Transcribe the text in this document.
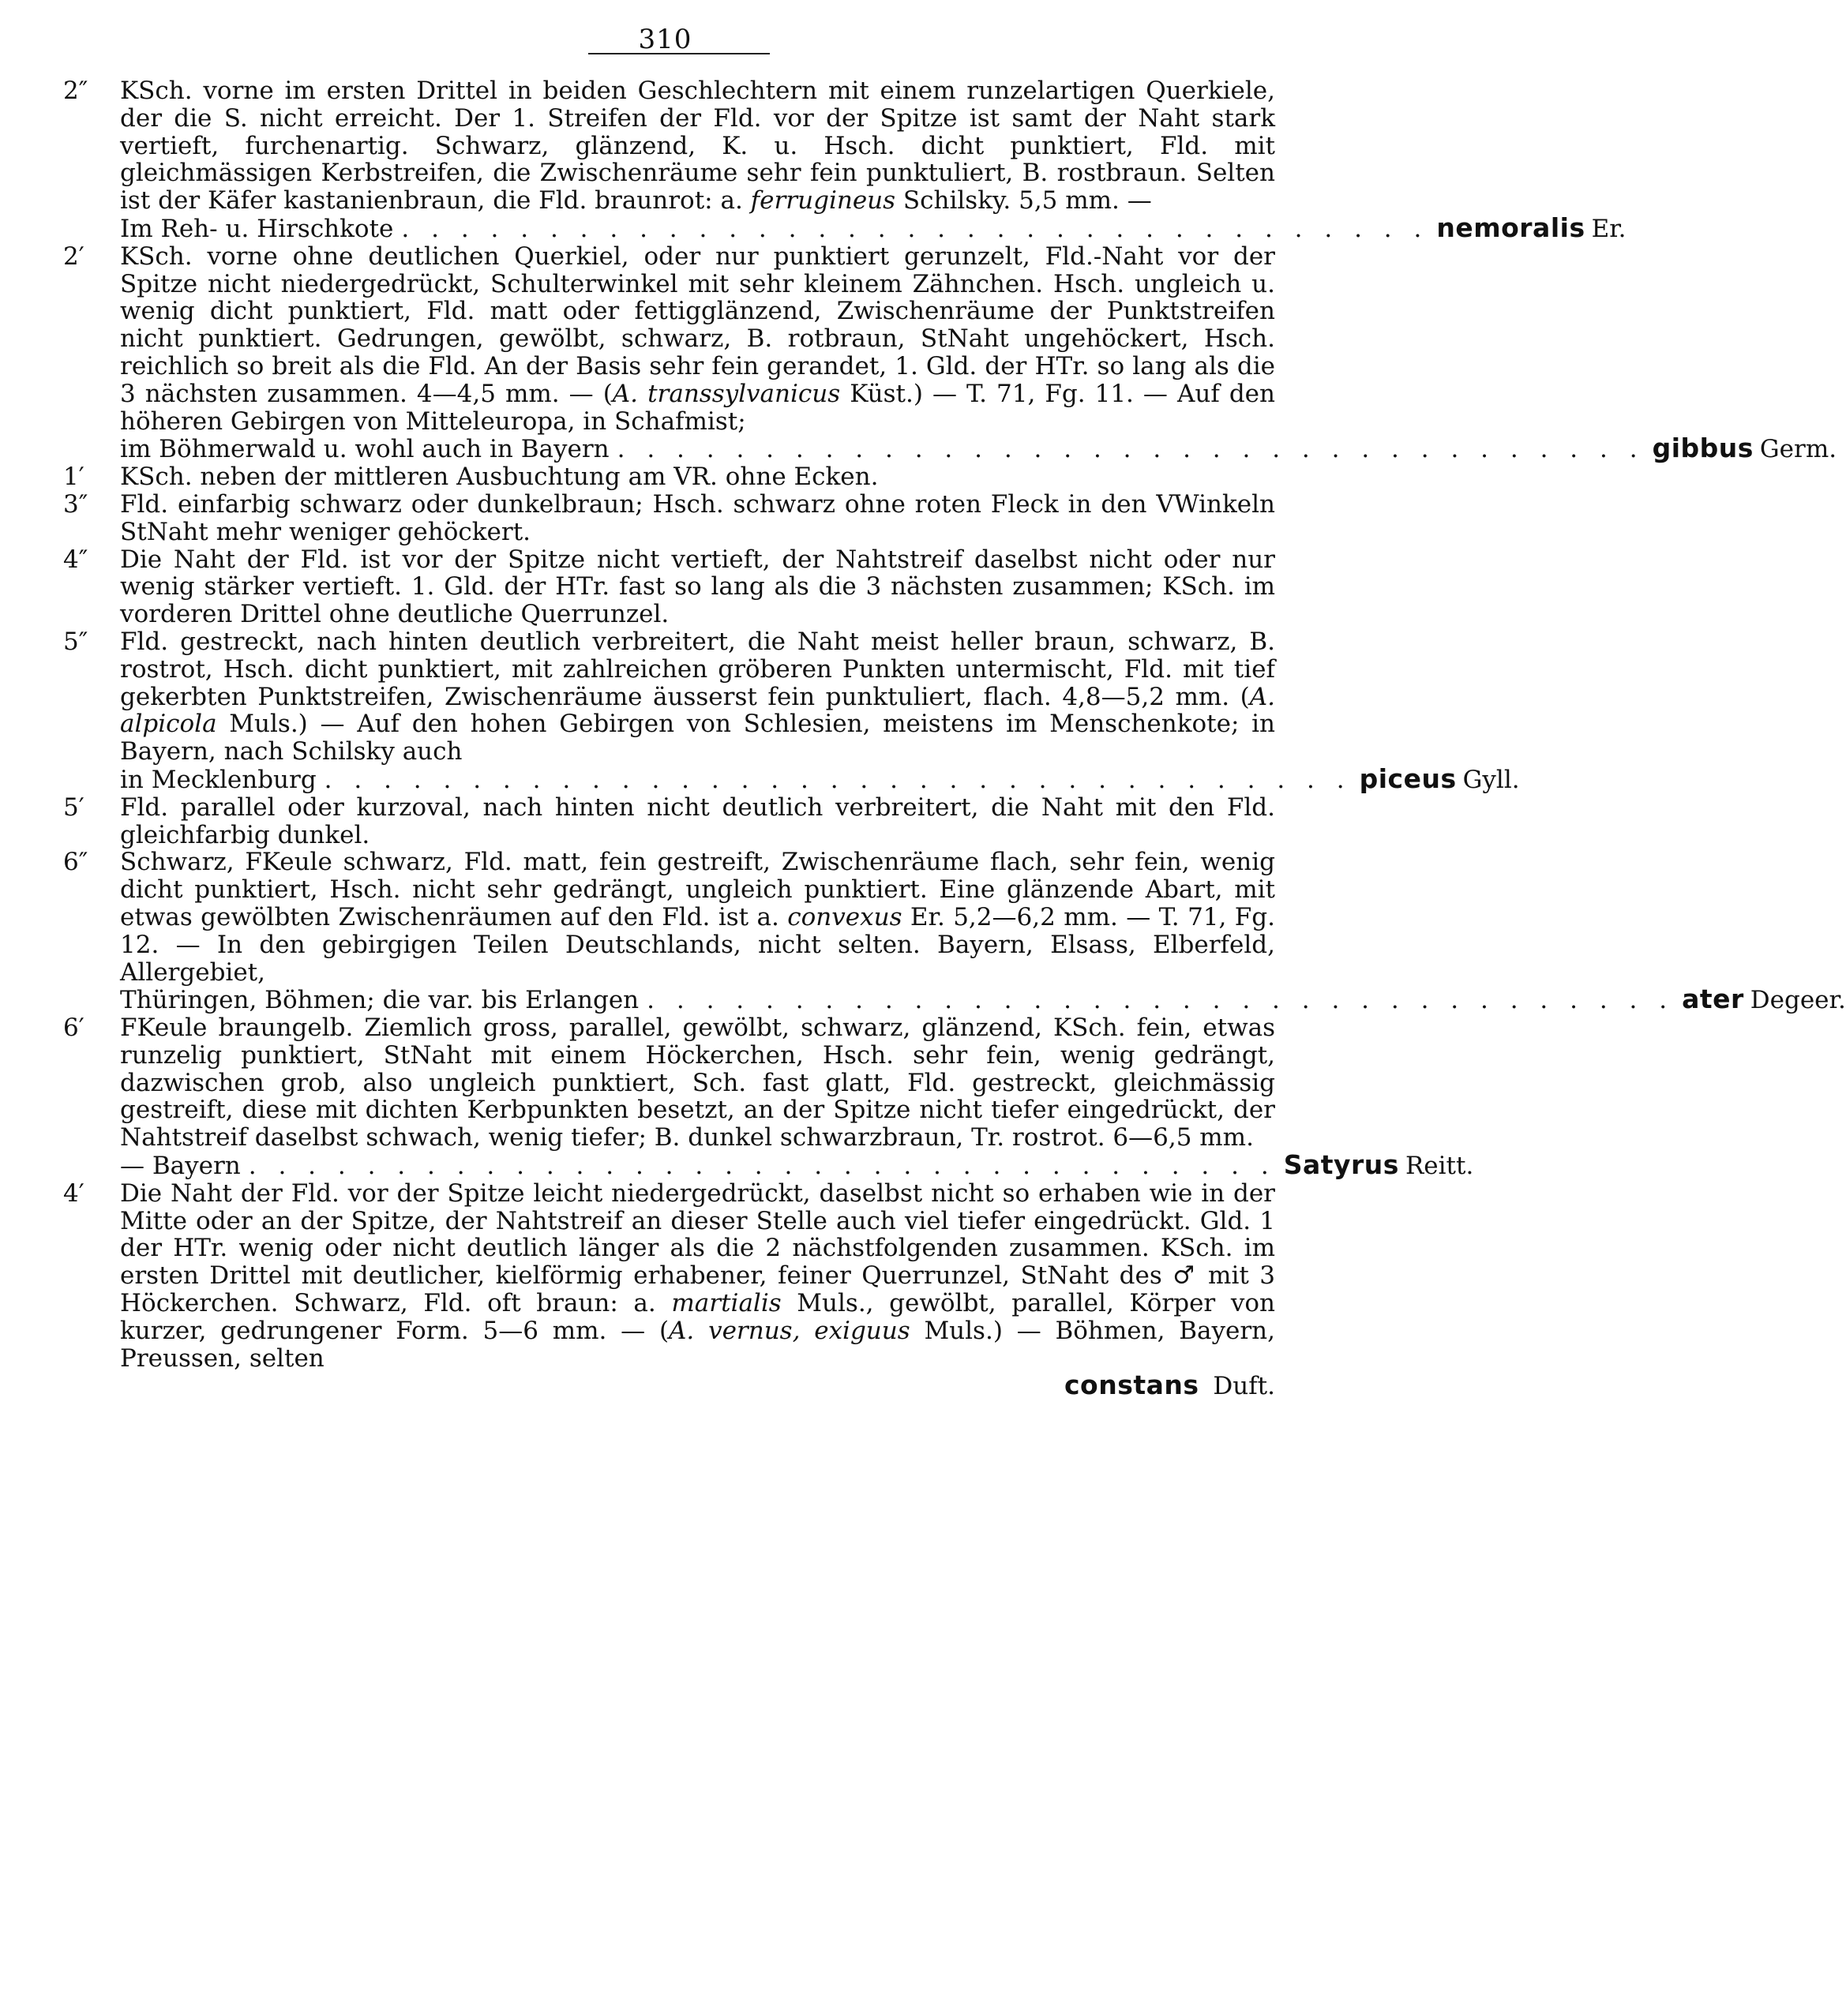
310
2″	KSch. vorne im ersten Drittel in beiden Geschlechtern mit einem runzelartigen Querkiele, der die S. nicht erreicht. Der 1. Streifen der Fld. vor der Spitze ist samt der Naht stark vertieft, furchenartig. Schwarz, glänzend, K. u. Hsch. dicht punktiert, Fld. mit gleichmässigen Kerbstreifen, die Zwischenräume sehr fein punktuliert, B. rostbraun. Selten ist der Käfer kastanienbraun, die Fld. braunrot: a. ferrugineus Schilsky. 5,5 mm. —
Im Reh- u. Hirschkote . . . . . . . . . . . . . . . . . . . . . . . . . . . . . . . . . . . nemoralis Er.
2′	KSch. vorne ohne deutlichen Querkiel, oder nur punktiert gerunzelt, Fld.-Naht vor der Spitze nicht niedergedrückt, Schulterwinkel mit sehr kleinem Zähnchen. Hsch. ungleich u. wenig dicht punktiert, Fld. matt oder fettigglänzend, Zwischenräume der Punktstreifen nicht punktiert. Gedrungen, gewölbt, schwarz, B. rotbraun, StNaht ungehöckert, Hsch. reichlich so breit als die Fld. An der Basis sehr fein gerandet, 1. Gld. der HTr. so lang als die 3 nächsten zusammen. 4—4,5 mm. — (A. transsylvanicus Küst.) — T. 71, Fg. 11. — Auf den höheren Gebirgen von Mitteleuropa, in Schafmist;
im Böhmerwald u. wohl auch in Bayern . . . . . . . . . . . . . . . . . . . . . . . . . . . . . . . . . . . gibbus Germ.
1′	KSch. neben der mittleren Ausbuchtung am VR. ohne Ecken.
3″	Fld. einfarbig schwarz oder dunkelbraun; Hsch. schwarz ohne roten Fleck in den VWinkeln StNaht mehr weniger gehöckert.
4″	Die Naht der Fld. ist vor der Spitze nicht vertieft, der Nahtstreif daselbst nicht oder nur wenig stärker vertieft. 1. Gld. der HTr. fast so lang als die 3 nächsten zusammen; KSch. im vorderen Drittel ohne deutliche Querrunzel.
5″	Fld. gestreckt, nach hinten deutlich verbreitert, die Naht meist heller braun, schwarz, B. rostrot, Hsch. dicht punktiert, mit zahlreichen gröberen Punkten untermischt, Fld. mit tief gekerbten Punktstreifen, Zwischenräume äusserst fein punktuliert, flach. 4,8—5,2 mm. (A. alpicola Muls.) — Auf den hohen Gebirgen von Schlesien, meistens im Menschenkote; in Bayern, nach Schilsky auch
in Mecklenburg . . . . . . . . . . . . . . . . . . . . . . . . . . . . . . . . . . . piceus Gyll.
5′	Fld. parallel oder kurzoval, nach hinten nicht deutlich verbreitert, die Naht mit den Fld. gleichfarbig dunkel.
6″	Schwarz, FKeule schwarz, Fld. matt, fein gestreift, Zwischenräume flach, sehr fein, wenig dicht punktiert, Hsch. nicht sehr gedrängt, ungleich punktiert. Eine glänzende Abart, mit etwas gewölbten Zwischenräumen auf den Fld. ist a. convexus Er. 5,2—6,2 mm. — T. 71, Fg. 12. — In den gebirgigen Teilen Deutschlands, nicht selten. Bayern, Elsass, Elberfeld, Allergebiet,
Thüringen, Böhmen; die var. bis Erlangen . . . . . . . . . . . . . . . . . . . . . . . . . . . . . . . . . . . ater Degeer.
6′	FKeule braungelb. Ziemlich gross, parallel, gewölbt, schwarz, glänzend, KSch. fein, etwas runzelig punktiert, StNaht mit einem Höckerchen, Hsch. sehr fein, wenig gedrängt, dazwischen grob, also ungleich punktiert, Sch. fast glatt, Fld. gestreckt, gleichmässig gestreift, diese mit dichten Kerbpunkten besetzt, an der Spitze nicht tiefer eingedrückt, der Nahtstreif daselbst schwach, wenig tiefer; B. dunkel schwarzbraun, Tr. rostrot. 6—6,5 mm.
— Bayern . . . . . . . . . . . . . . . . . . . . . . . . . . . . . . . . . . . Satyrus Reitt.
4′	Die Naht der Fld. vor der Spitze leicht niedergedrückt, daselbst nicht so erhaben wie in der Mitte oder an der Spitze, der Nahtstreif an dieser Stelle auch viel tiefer eingedrückt. Gld. 1 der HTr. wenig oder nicht deutlich länger als die 2 nächstfolgenden zusammen. KSch. im ersten Drittel mit deutlicher, kielförmig erhabener, feiner Querrunzel, StNaht des ♂ mit 3 Höckerchen. Schwarz, Fld. oft braun: a. martialis Muls., gewölbt, parallel, Körper von kurzer, gedrungener Form. 5—6 mm. — (A. vernus, exiguus Muls.) — Böhmen, Bayern, Preussen, selten
constans Duft.
